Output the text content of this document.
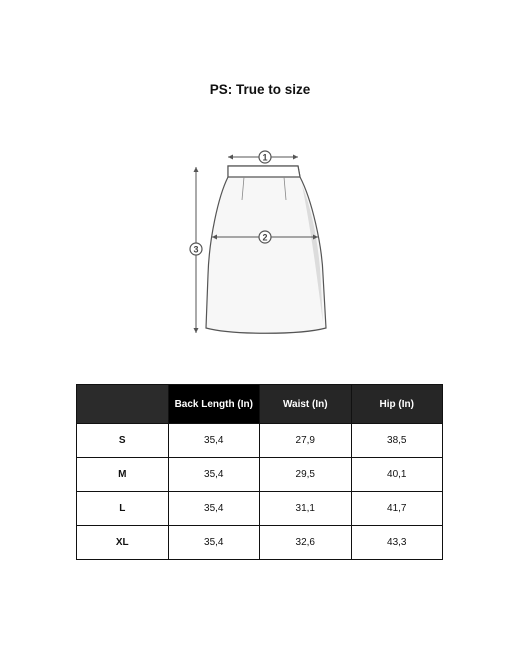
PS: True to size
1
2
3
	Back Length (In)	Waist (In)	Hip (In)
S	35,4	27,9	38,5
M	35,4	29,5	40,1
L	35,4	31,1	41,7
XL	35,4	32,6	43,3
